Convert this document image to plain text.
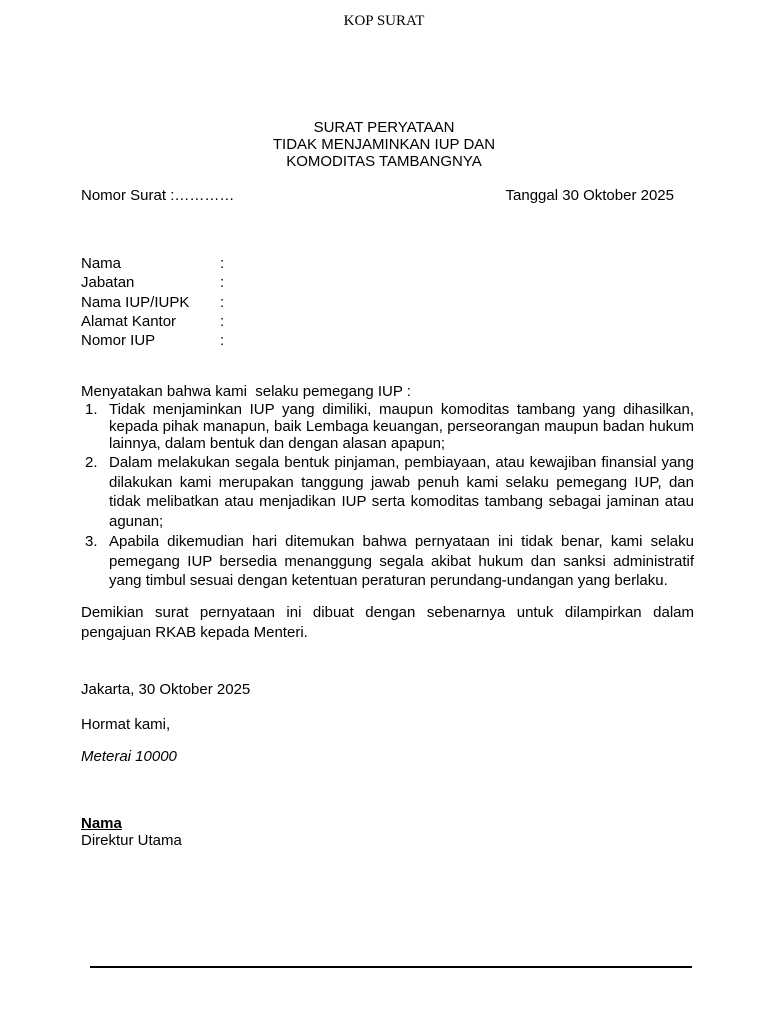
KOP SURAT
SURAT PERYATAAN
TIDAK MENJAMINKAN IUP DAN
KOMODITAS TAMBANGNYA
Nomor Surat :…………	Tanggal 30 Oktober 2025
Nama	:
Jabatan	:
Nama IUP/IUPK :
Alamat Kantor	:
Nomor IUP	:
Menyatakan bahwa kami  selaku pemegang IUP :
1. Tidak menjaminkan IUP yang dimiliki, maupun komoditas tambang yang dihasilkan, kepada pihak manapun, baik Lembaga keuangan, perseorangan maupun badan hukum lainnya, dalam bentuk dan dengan alasan apapun;
2. Dalam melakukan segala bentuk pinjaman, pembiayaan, atau kewajiban finansial yang dilakukan kami merupakan tanggung jawab penuh kami selaku pemegang IUP, dan tidak melibatkan atau menjadikan IUP serta komoditas tambang sebagai jaminan atau agunan;
3. Apabila dikemudian hari ditemukan bahwa pernyataan ini tidak benar, kami selaku pemegang IUP bersedia menanggung segala akibat hukum dan sanksi administratif yang timbul sesuai dengan ketentuan peraturan perundang-undangan yang berlaku.
Demikian surat pernyataan ini dibuat dengan sebenarnya untuk dilampirkan dalam pengajuan RKAB kepada Menteri.
Jakarta, 30 Oktober 2025
Hormat kami,
Meterai 10000
Nama
Direktur Utama
